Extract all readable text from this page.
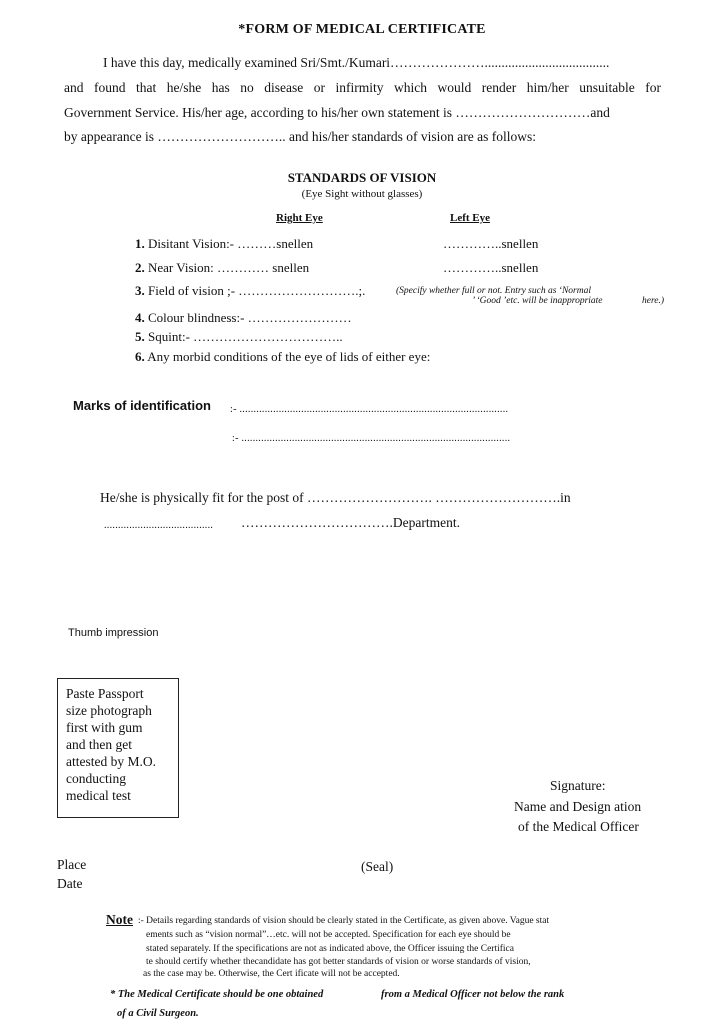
*FORM OF MEDICAL CERTIFICATE
I have this day, medically examined Sri/Smt./Kumari………………….....................................
and found that he/she has no disease or infirmity which would render him/her unsuitable for
Government Service. His/her age, according to his/her own statement is …………………………and
by appearance is ……………………….. and his/her standards of vision are as follows:
STANDARDS OF VISION
(Eye Sight without glasses)
Right Eye	Left Eye
1. Disitant Vision:- ………snellen	…………..snellen
2. Near Vision: ………… snellen	…………..snellen
3. Field of vision ;- ……………………….;.	(Specify whether full or not. Entry such as ‘Normal
’ ‘Good ’etc. will be inappropriate	here.)
4. Colour blindness:- ……………………
5. Squint:- ……………………………..
6. Any morbid conditions of the eye of lids of either eye:
Marks of identification :- ................................................................................................
:- ................................................................................................
He/she is physically fit for the post of ………………………. ……………………….in
....................................... …………………………….Department.
Thumb impression
Paste Passport
size photograph
first with gum
and then get
attested by M.O.
conducting
medical test
Signature:
Name and Design ation
of the Medical Officer
Place
Date
(Seal)
Note :- Details regarding standards of vision should be clearly stated in the Certificate, as given above. Vague stat
ements such as “vision normal”…etc. will not be accepted. Specification for each eye should be
stated separately. If the specifications are not as indicated above, the Officer issuing the Certifica
te should certify whether thecandidate has got better standards of vision or worse standards of vision,
as the case may be. Otherwise, the Cert ificate will not be accepted.
* The Medical Certificate should be one obtained	from a Medical Officer not below the rank
of a Civil Surgeon.
